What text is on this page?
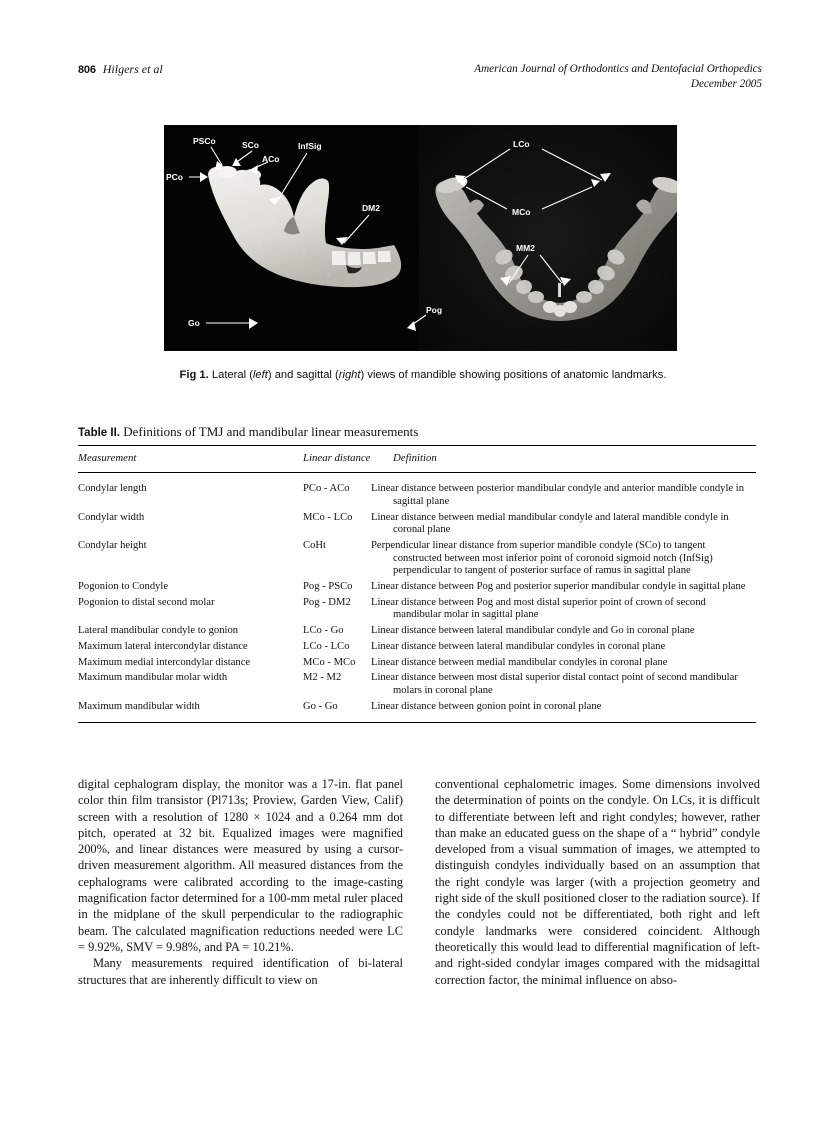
806 Hilgers et al	American Journal of Orthodontics and Dentofacial Orthopedics
December 2005
PSCo	SCo
ACo
PCo
InfSig
DM2
Go
Pog
LCo
MCo
MM2
Fig 1. Lateral (left) and sagittal (right) views of mandible showing positions of anatomic landmarks.
Table II. Definitions of TMJ and mandibular linear measurements
Measurement	Linear distance	Definition

Condylar length	PCo - ACo	Linear distance between posterior mandibular condyle and anterior mandible condyle in sagittal plane
Condylar width	MCo - LCo	Linear distance between medial mandibular condyle and lateral mandible condyle in coronal plane
Condylar height	CoHt	Perpendicular linear distance from superior mandible condyle (SCo) to tangent constructed between most inferior point of coronoid sigmoid notch (InfSig) perpendicular to tangent of posterior surface of ramus in sagittal plane
Pogonion to Condyle	Pog - PSCo	Linear distance between Pog and posterior superior mandibular condyle in sagittal plane
Pogonion to distal second molar	Pog - DM2	Linear distance between Pog and most distal superior point of crown of second mandibular molar in sagittal plane
Lateral mandibular condyle to gonion	LCo - Go	Linear distance between lateral mandibular condyle and Go in coronal plane
Maximum lateral intercondylar distance	LCo - LCo	Linear distance between lateral mandibular condyles in coronal plane
Maximum medial intercondylar distance	MCo - MCo	Linear distance between medial mandibular condyles in coronal plane
Maximum mandibular molar width	M2 - M2	Linear distance between most distal superior distal contact point of second mandibular molars in coronal plane
Maximum mandibular width	Go - Go	Linear distance between gonion point in coronal plane

digital cephalogram display, the monitor was a 17-in. flat panel color thin film transistor (Pl713s; Proview, Garden View, Calif) screen with a resolution of 1280 × 1024 and a 0.264 mm dot pitch, operated at 32 bit. Equalized images were magnified 200%, and linear distances were measured by using a cursor-driven measurement algorithm. All measured distances from the cephalograms were calibrated according to the image-casting magnification factor determined for a 100-mm metal ruler placed in the midplane of the skull perpendicular to the radiographic beam. The calculated magnification reductions needed were LC = 9.92%, SMV = 9.98%, and PA = 10.21%.

Many measurements required identification of bi-lateral structures that are inherently difficult to view on

conventional cephalometric images. Some dimensions involved the determination of points on the condyle. On LCs, it is difficult to differentiate between left and right condyles; however, rather than make an educated guess on the shape of a “ hybrid” condyle developed from a visual summation of images, we attempted to distinguish condyles individually based on an assumption that the right condyle was larger (with a projection geometry and right side of the skull positioned closer to the radiation source). If the condyles could not be differentiated, both right and left condyle landmarks were considered coincident. Although theoretically this would lead to differential magnification of left- and right-sided condylar images compared with the midsagittal correction factor, the minimal influence on abso-
